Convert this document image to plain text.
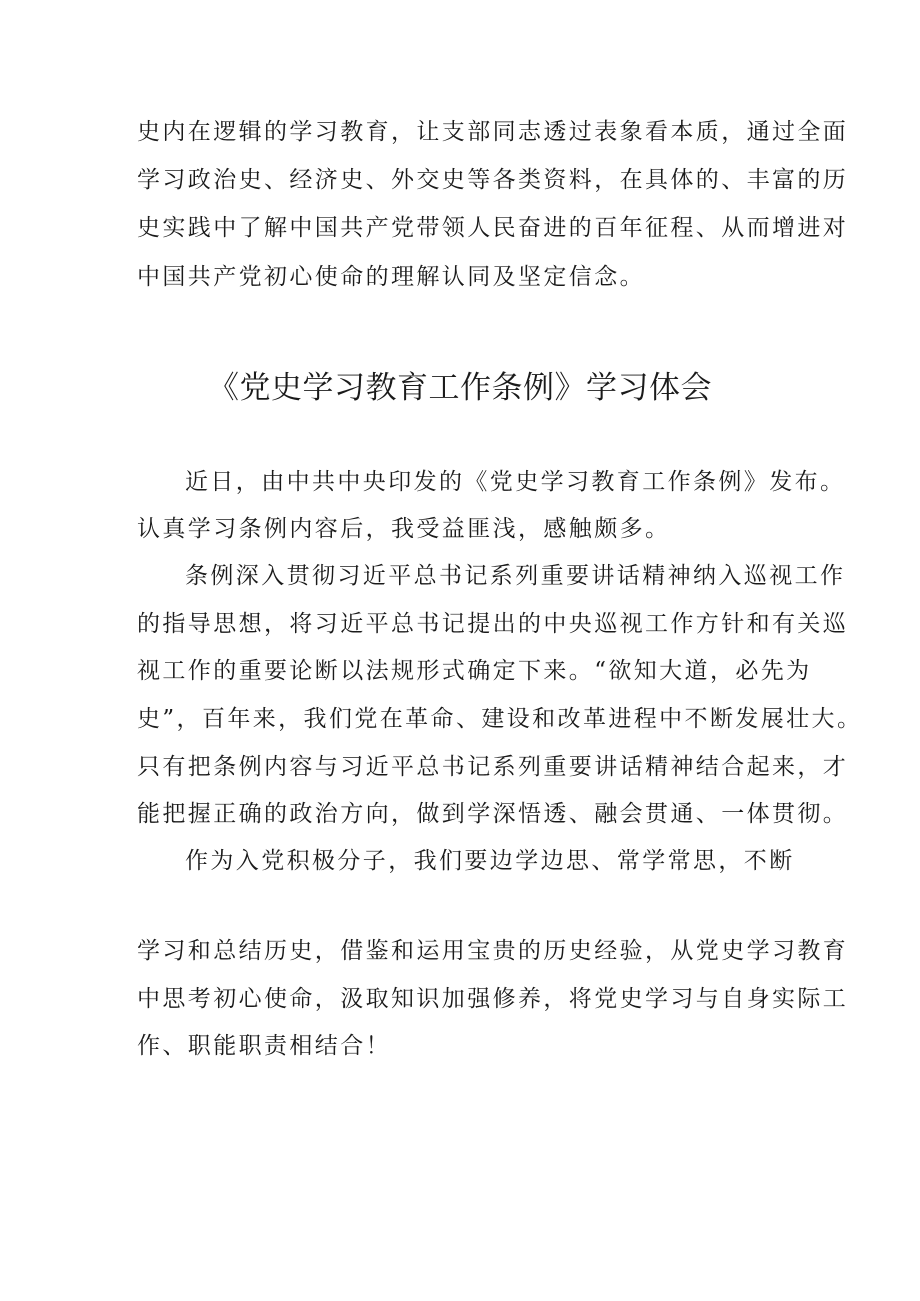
史内在逻辑的学习教育，让支部同志透过表象看本质，通过全面
学习政治史、经济史、外交史等各类资料，在具体的、丰富的历
史实践中了解中国共产党带领人民奋进的百年征程、从而增进对
中国共产党初心使命的理解认同及坚定信念。
《党史学习教育工作条例》学习体会
近日，由中共中央印发的《党史学习教育工作条例》发布。
认真学习条例内容后，我受益匪浅，感触颇多。
条例深入贯彻习近平总书记系列重要讲话精神纳入巡视工作
的指导思想，将习近平总书记提出的中央巡视工作方针和有关巡
视工作的重要论断以法规形式确定下来。“欲知大道，必先为
史”，百年来，我们党在革命、建设和改革进程中不断发展壮大。
只有把条例内容与习近平总书记系列重要讲话精神结合起来，才
能把握正确的政治方向，做到学深悟透、融会贯通、一体贯彻。
作为入党积极分子，我们要边学边思、常学常思，不断
学习和总结历史，借鉴和运用宝贵的历史经验，从党史学习教育
中思考初心使命，汲取知识加强修养，将党史学习与自身实际工
作、职能职责相结合！
